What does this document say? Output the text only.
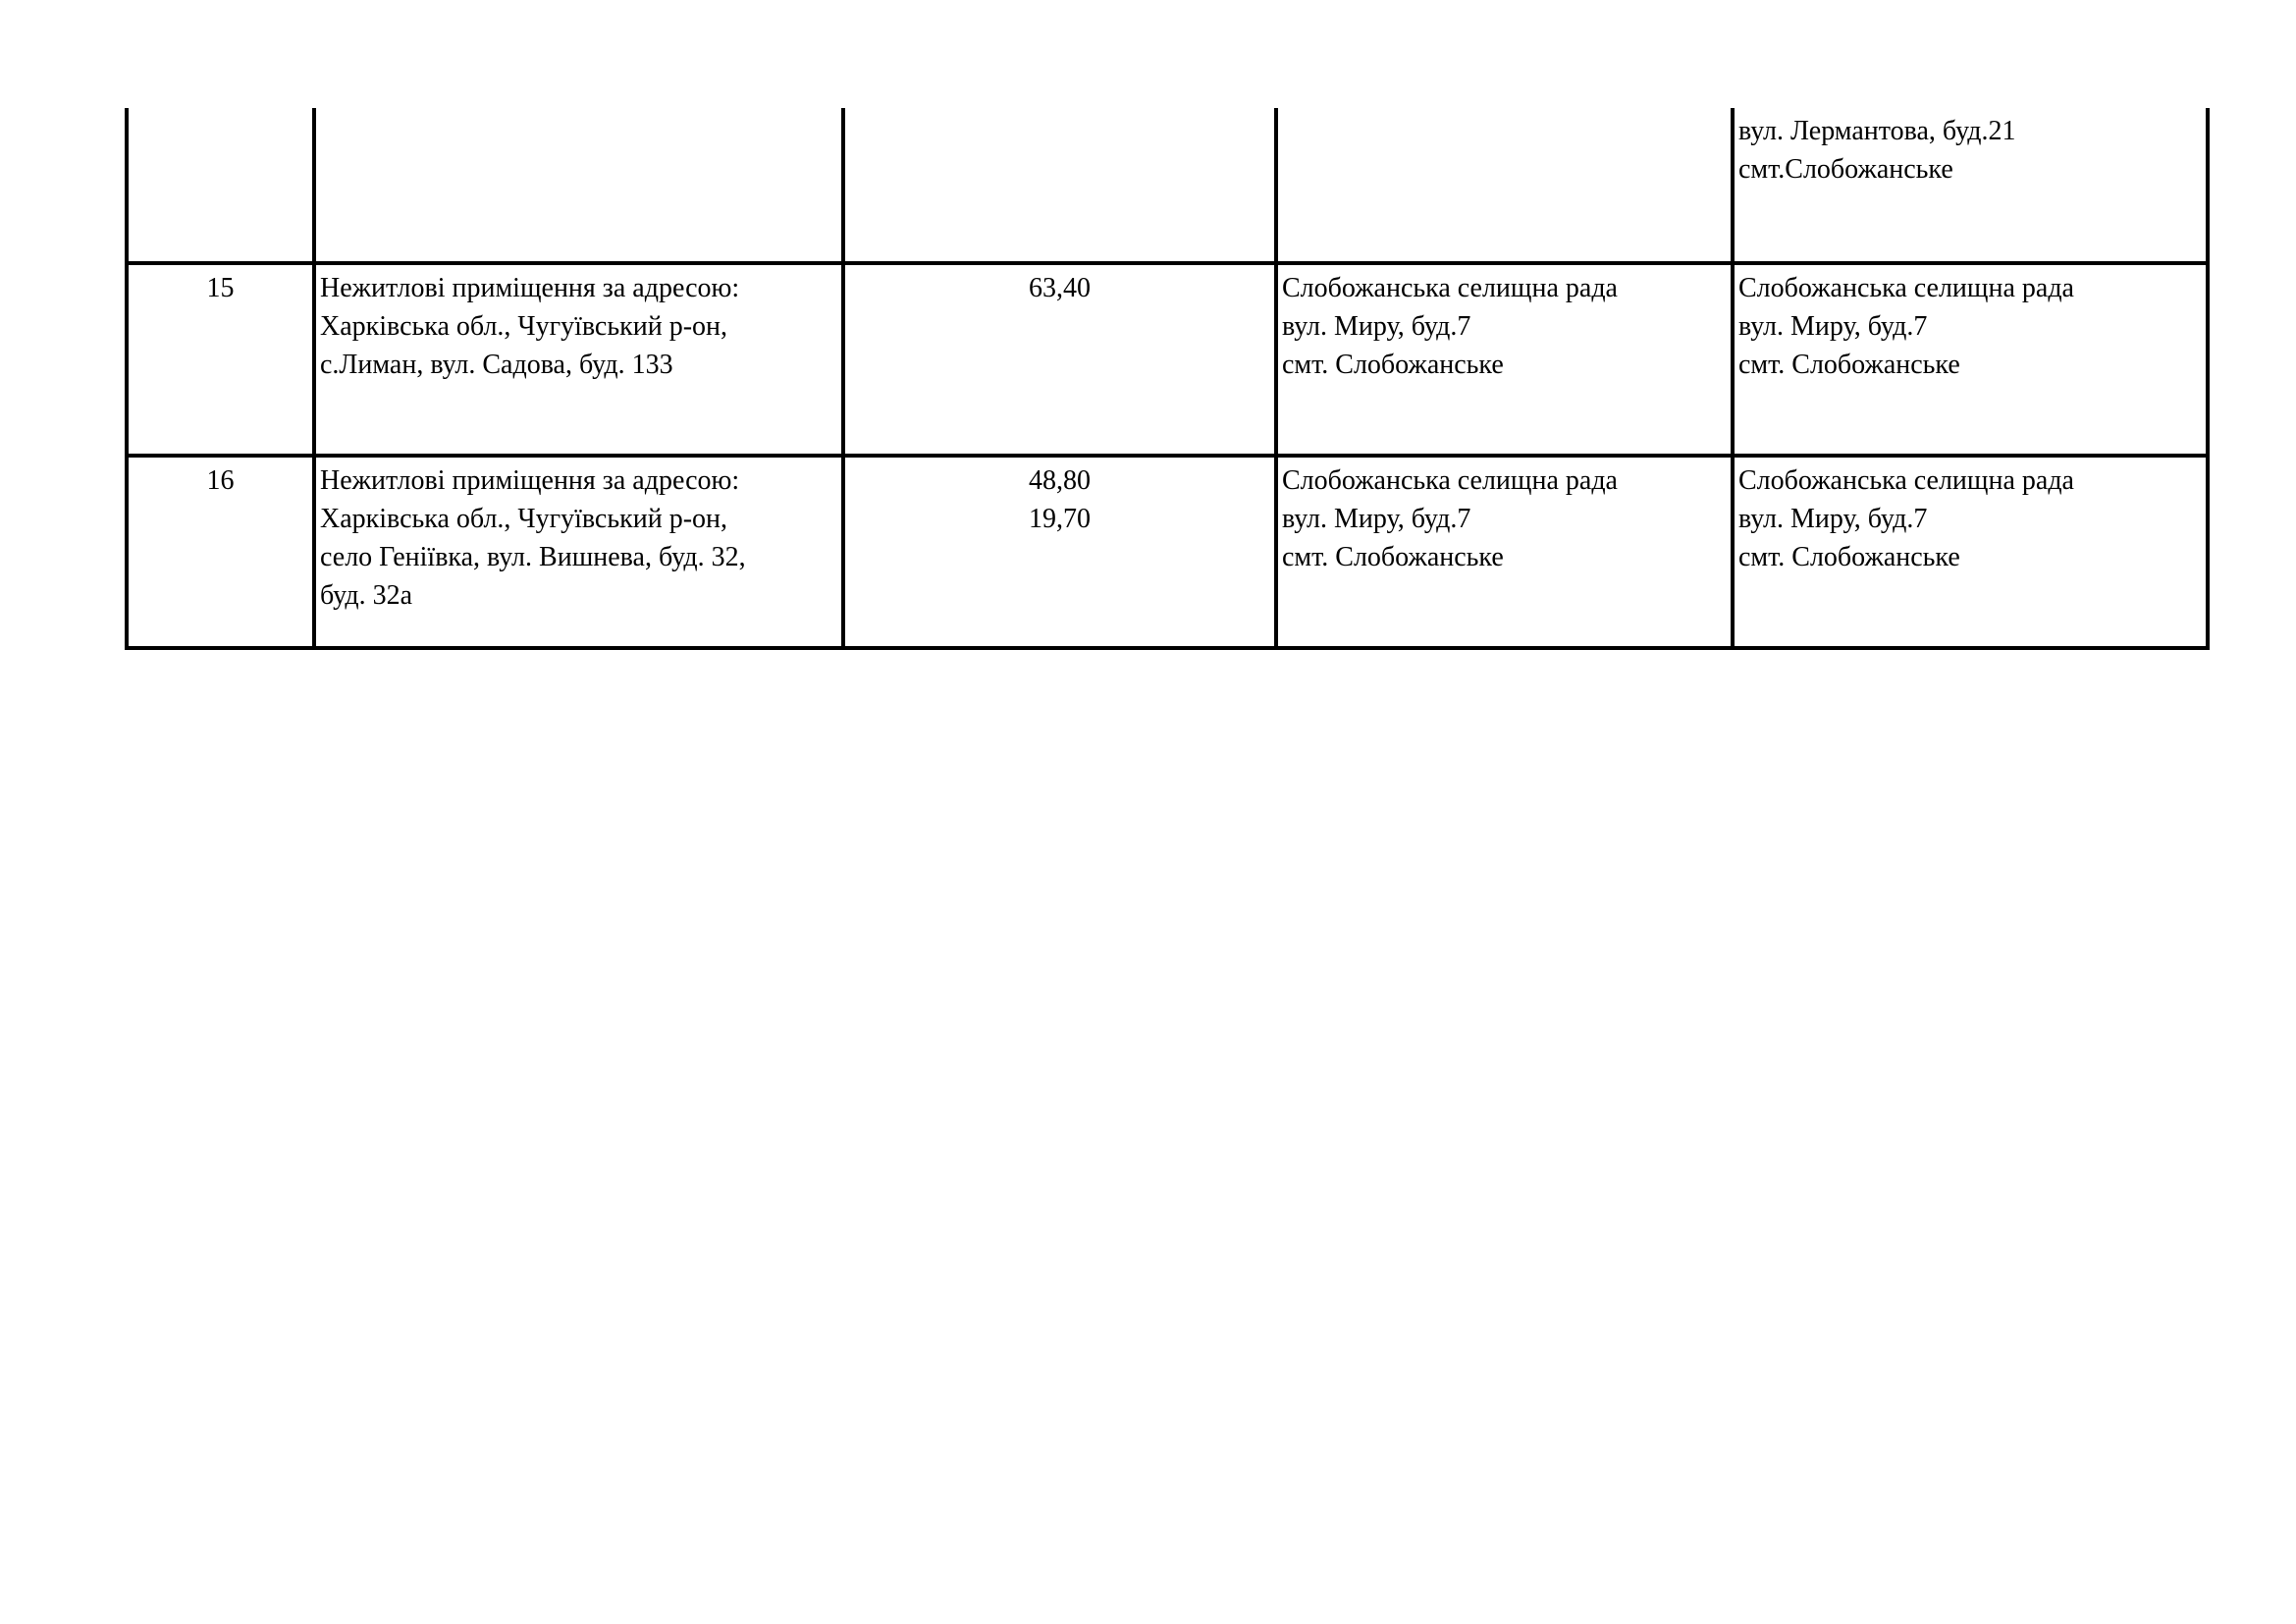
				вул. Лермантова, буд.21
смт.Слобожанське

15	Нежитлові приміщення за адресою:
Харківська обл., Чугуївський р-он,
с.Лиман, вул. Садова, буд. 133	63,40	Слобожанська селищна рада
вул. Миру, буд.7
смт. Слобожанське	Слобожанська селищна рада
вул. Миру, буд.7
смт. Слобожанське

16	Нежитлові приміщення за адресою:
Харківська обл., Чугуївський р-он,
село Геніївка, вул. Вишнева, буд. 32,
буд. 32а	48,80
19,70	Слобожанська селищна рада
вул. Миру, буд.7
смт. Слобожанське	Слобожанська селищна рада
вул. Миру, буд.7
смт. Слобожанське
